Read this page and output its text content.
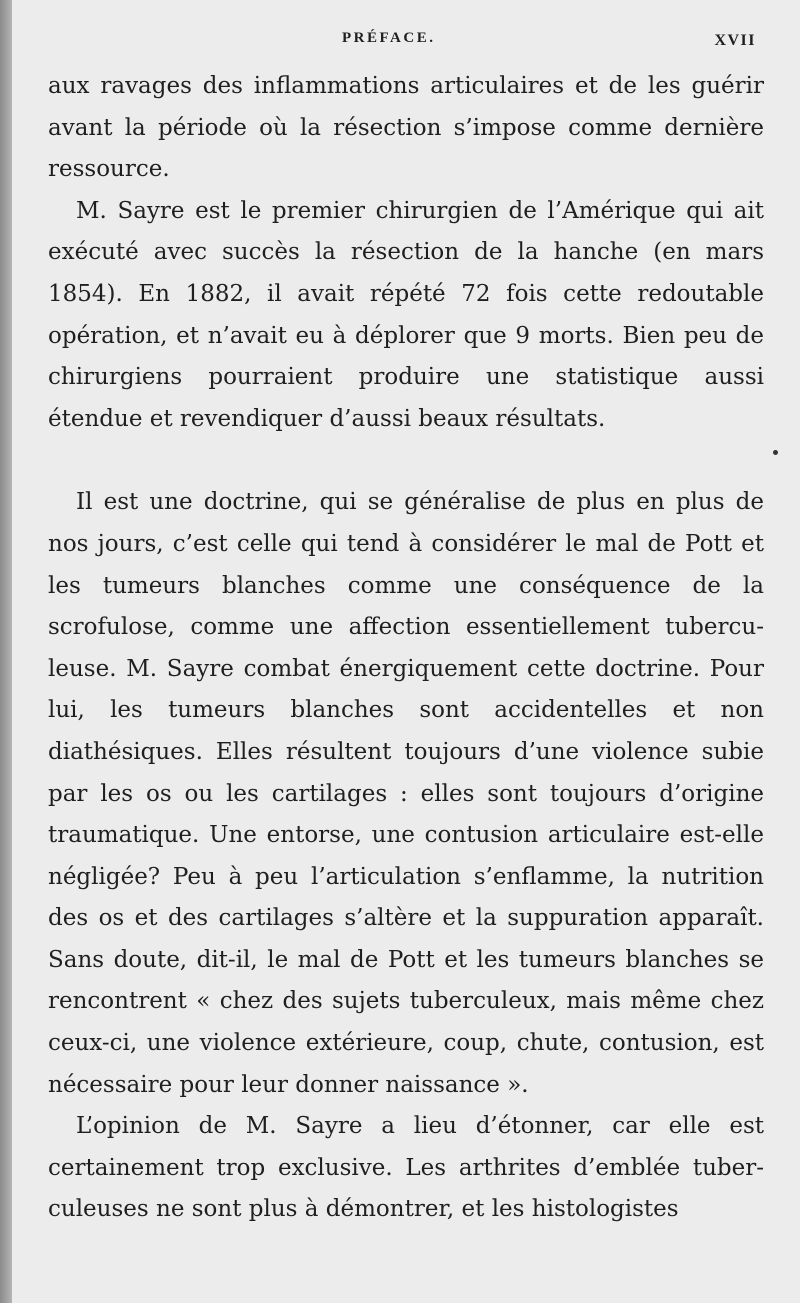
PRÉFACE.	XVII

aux ravages des inflammations articulaires et de les guérir avant la période où la résection s’impose comme dernière ressource.

M. Sayre est le premier chirurgien de l’Amérique qui ait exécuté avec succès la résection de la hanche (en mars 1854). En 1882, il avait répété 72 fois cette redoutable opération, et n’avait eu à déplorer que 9 morts. Bien peu de chirurgiens pourraient produire une statistique aussi étendue et revendiquer d’aussi beaux résultats.

Il est une doctrine, qui se généralise de plus en plus de nos jours, c’est celle qui tend à considérer le mal de Pott et les tumeurs blanches comme une conséquence de la scrofulose, comme une affection essentiellement tuberculeuse. M. Sayre combat énergiquement cette doctrine. Pour lui, les tumeurs blanches sont accidentelles et non diathésiques. Elles résultent toujours d’une violence subie par les os ou les cartilages : elles sont toujours d’origine traumatique. Une entorse, une contusion articulaire est-elle négligée? Peu à peu l’articulation s’enflamme, la nutrition des os et des cartilages s’altère et la suppuration apparaît. Sans doute, dit-il, le mal de Pott et les tumeurs blanches se rencontrent « chez des sujets tuberculeux, mais même chez ceux-ci, une violence extérieure, coup, chute, contusion, est nécessaire pour leur donner naissance ».

L’opinion de M. Sayre a lieu d’étonner, car elle est certainement trop exclusive. Les arthrites d’emblée tuberculeuses ne sont plus à démontrer, et les histologistes
